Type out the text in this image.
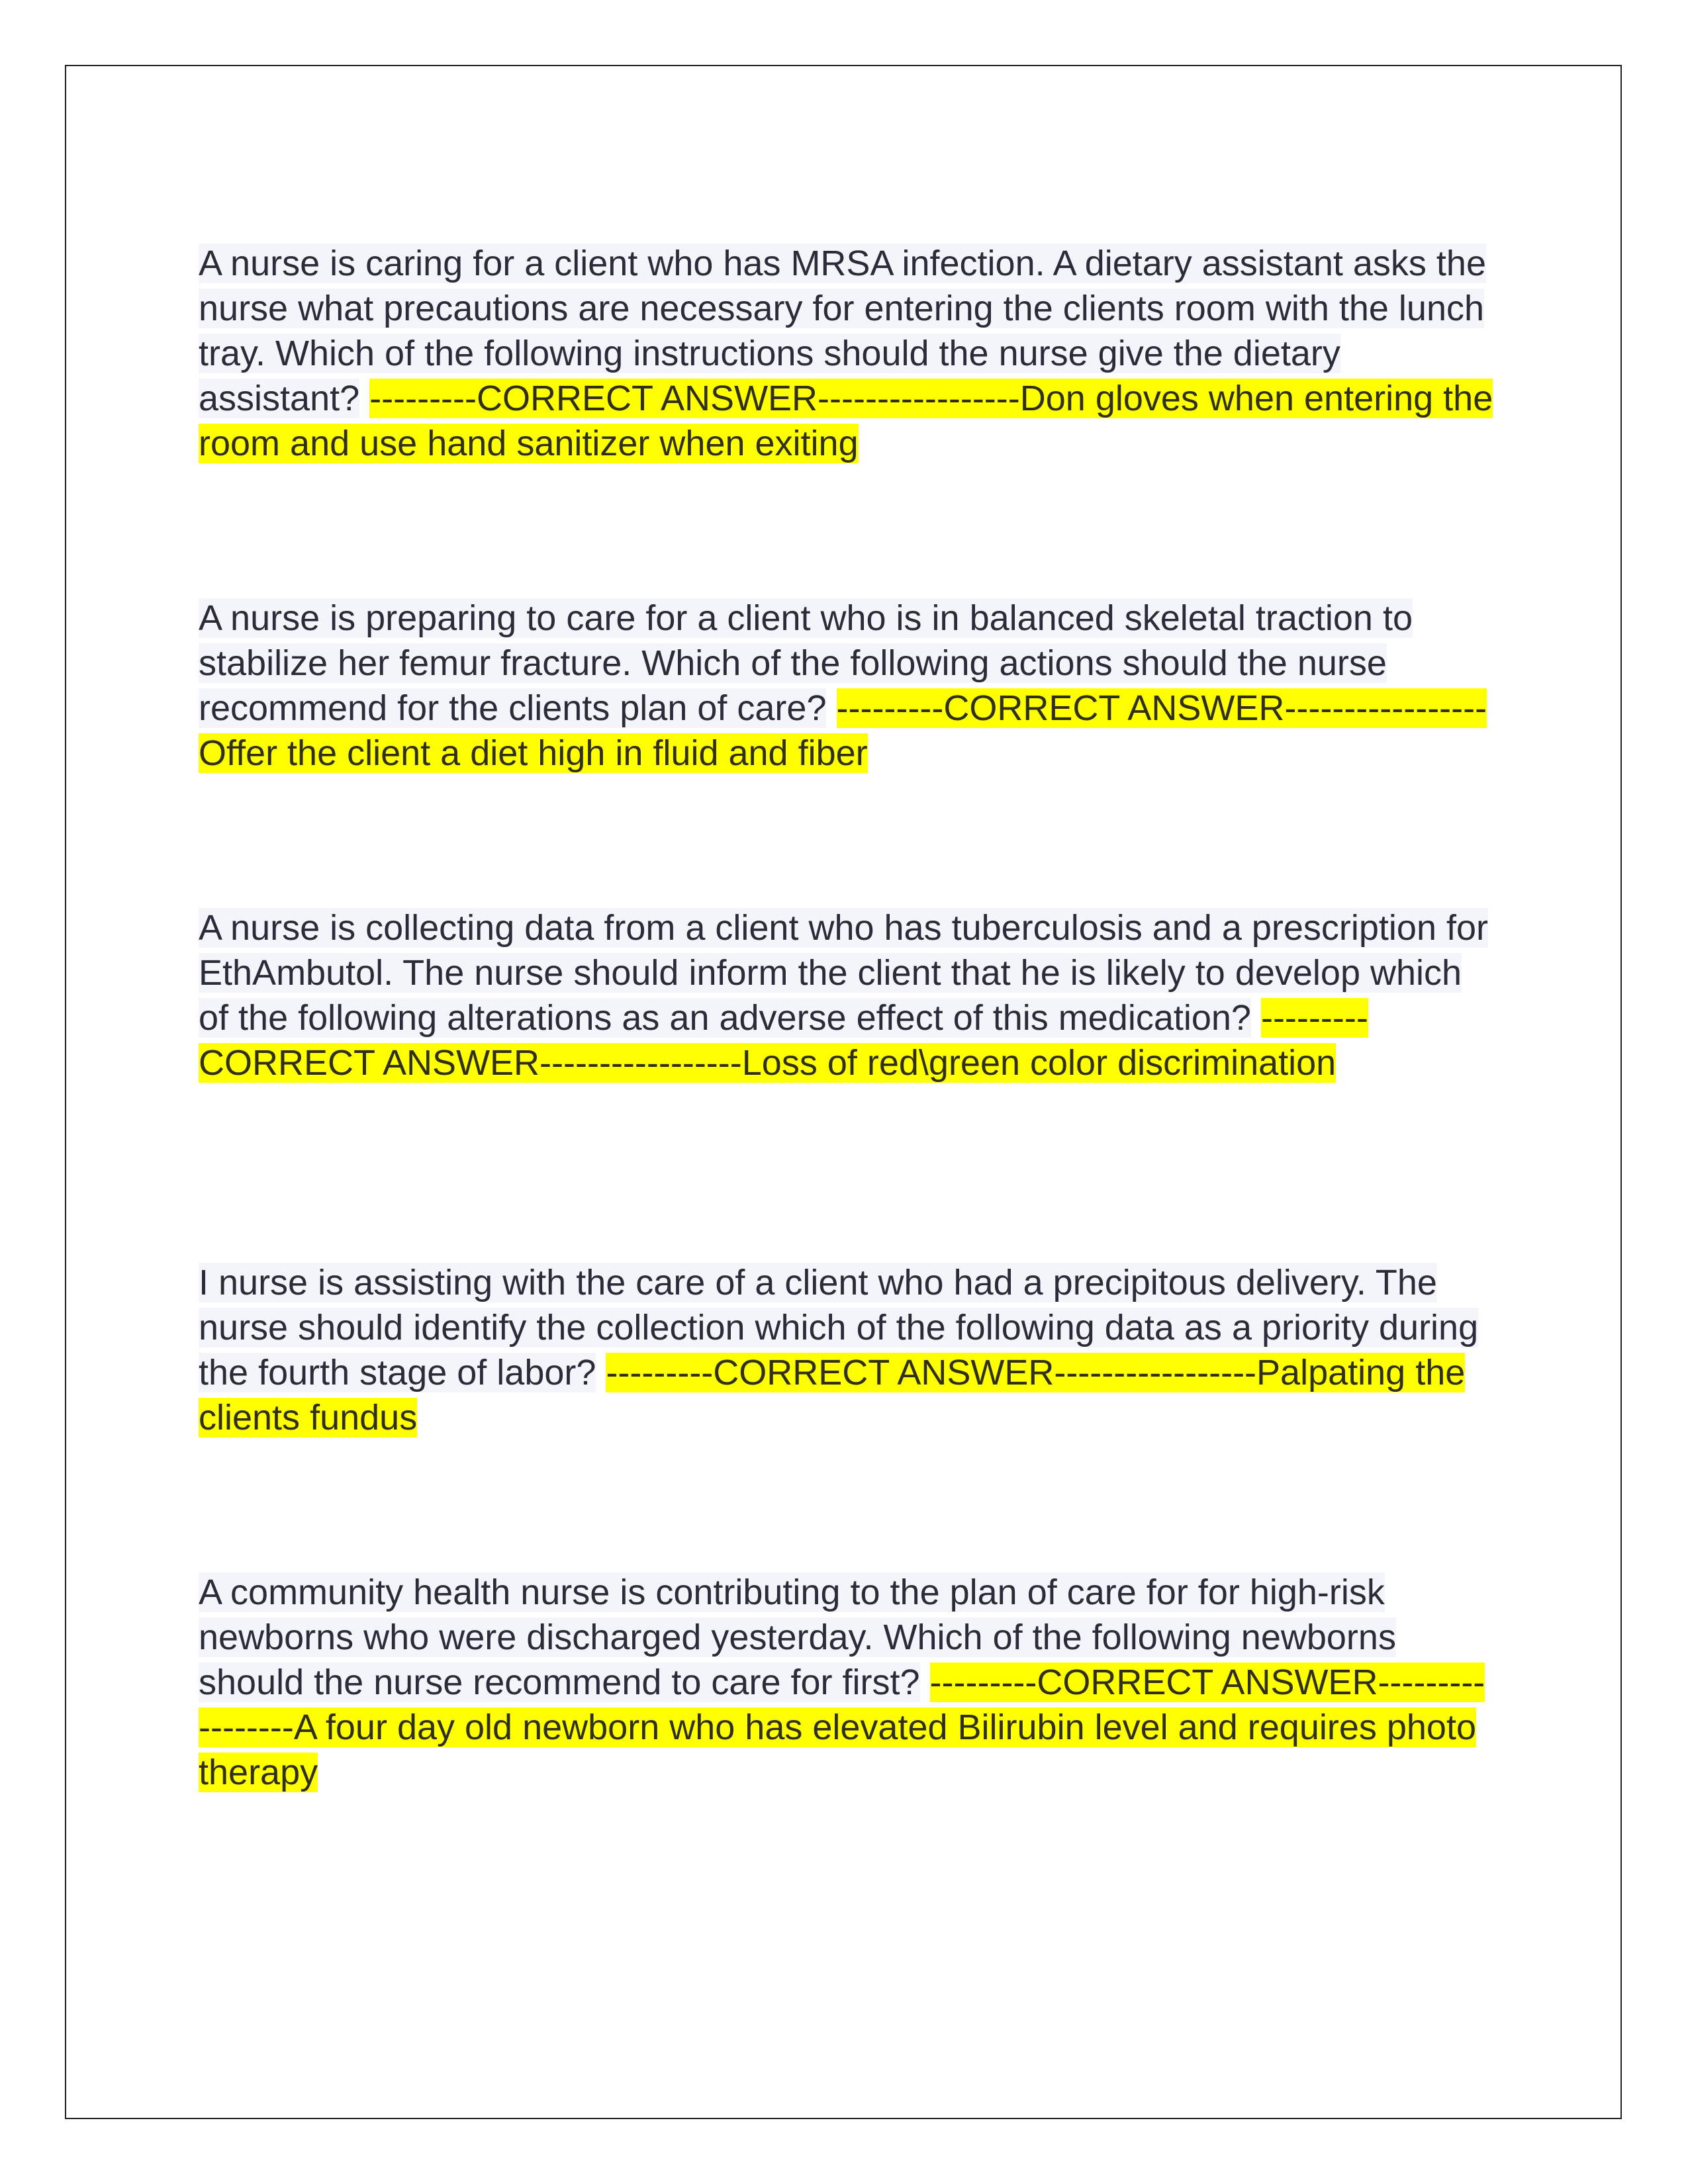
A nurse is caring for a client who has MRSA infection. A dietary assistant asks the nurse what precautions are necessary for entering the clients room with the lunch tray. Which of the following instructions should the nurse give the dietary assistant? ---------CORRECT ANSWER-----------------Don gloves when entering the room and use hand sanitizer when exiting

A nurse is preparing to care for a client who is in balanced skeletal traction to stabilize her femur fracture. Which of the following actions should the nurse recommend for the clients plan of care? ---------CORRECT ANSWER-----------------Offer the client a diet high in fluid and fiber

A nurse is collecting data from a client who has tuberculosis and a prescription for EthAmbutol. The nurse should inform the client that he is likely to develop which of the following alterations as an adverse effect of this medication? ---------CORRECT ANSWER-----------------Loss of red\green color discrimination

I nurse is assisting with the care of a client who had a precipitous delivery. The nurse should identify the collection which of the following data as a priority during the fourth stage of labor? ---------CORRECT ANSWER-----------------Palpating the clients fundus

A community health nurse is contributing to the plan of care for for high-risk newborns who were discharged yesterday. Which of the following newborns should the nurse recommend to care for first? ---------CORRECT ANSWER-----------------A four day old newborn who has elevated Bilirubin level and requires photo therapy
